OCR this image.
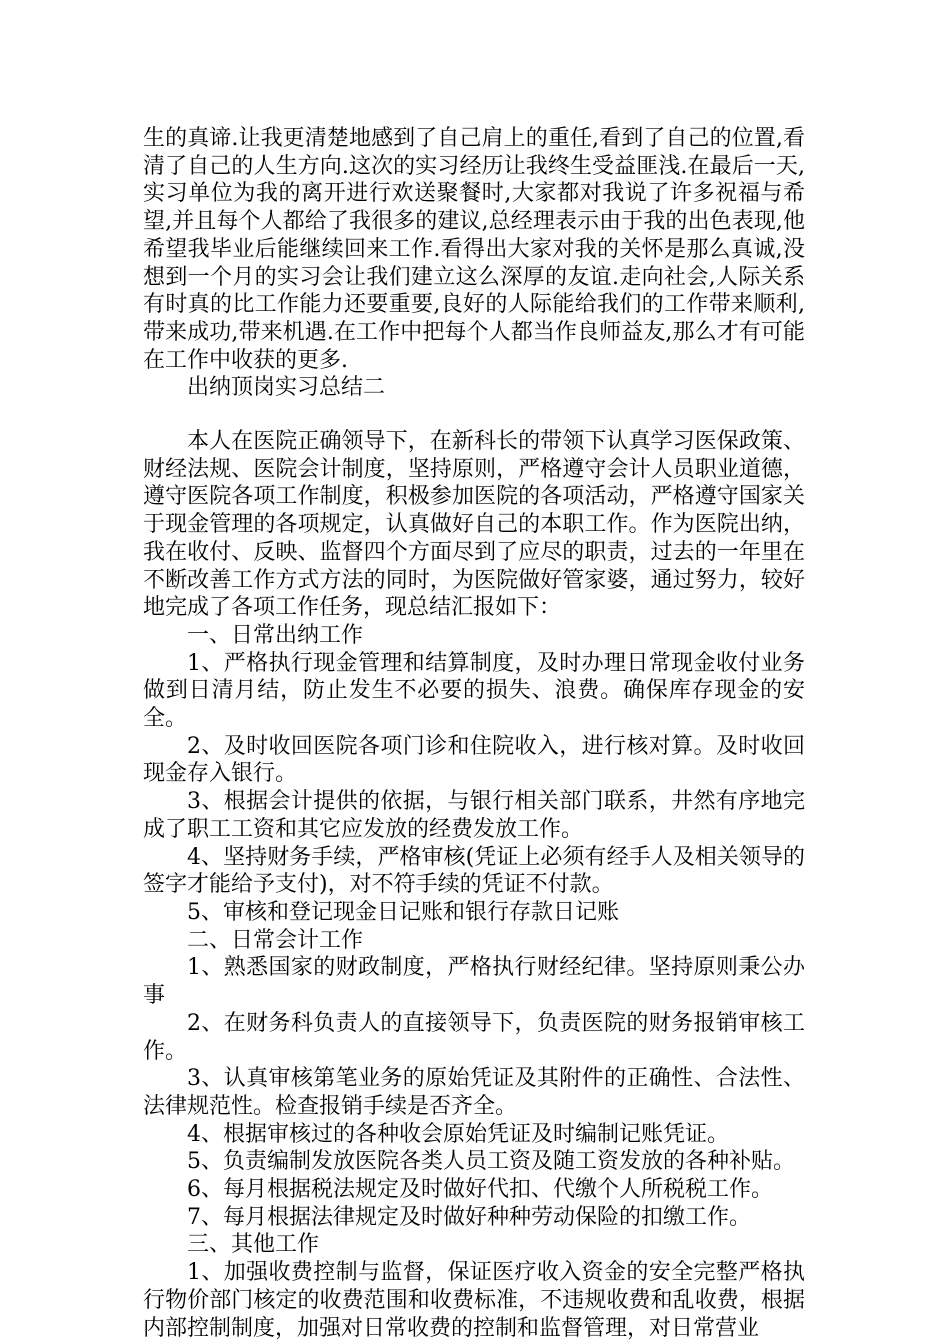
生的真谛.让我更清楚地感到了自己肩上的重任,看到了自己的位置,看清了自己的人生方向.这次的实习经历让我终生受益匪浅.在最后一天,实习单位为我的离开进行欢送聚餐时,大家都对我说了许多祝福与希望,并且每个人都给了我很多的建议,总经理表示由于我的出色表现,他希望我毕业后能继续回来工作.看得出大家对我的关怀是那么真诚,没想到一个月的实习会让我们建立这么深厚的友谊.走向社会,人际关系有时真的比工作能力还要重要,良好的人际能给我们的工作带来顺利,带来成功,带来机遇.在工作中把每个人都当作良师益友,那么才有可能在工作中收获的更多.

出纳顶岗实习总结二

本人在医院正确领导下，在新科长的带领下认真学习医保政策、财经法规、医院会计制度，坚持原则，严格遵守会计人员职业道德，遵守医院各项工作制度，积极参加医院的各项活动，严格遵守国家关于现金管理的各项规定，认真做好自己的本职工作。作为医院出纳，我在收付、反映、监督四个方面尽到了应尽的职责，过去的一年里在不断改善工作方式方法的同时，为医院做好管家婆，通过努力，较好地完成了各项工作任务，现总结汇报如下：

一、日常出纳工作

1、严格执行现金管理和结算制度，及时办理日常现金收付业务做到日清月结，防止发生不必要的损失、浪费。确保库存现金的安全。

2、及时收回医院各项门诊和住院收入，进行核对算。及时收回现金存入银行。

3、根据会计提供的依据，与银行相关部门联系，井然有序地完成了职工工资和其它应发放的经费发放工作。

4、坚持财务手续，严格审核(凭证上必须有经手人及相关领导的签字才能给予支付)，对不符手续的凭证不付款。

5、审核和登记现金日记账和银行存款日记账

二、日常会计工作

1、熟悉国家的财政制度，严格执行财经纪律。坚持原则秉公办事

2、在财务科负责人的直接领导下，负责医院的财务报销审核工作。

3、认真审核第笔业务的原始凭证及其附件的正确性、合法性、法律规范性。检查报销手续是否齐全。

4、根据审核过的各种收会原始凭证及时编制记账凭证。

5、负责编制发放医院各类人员工资及随工资发放的各种补贴。

6、每月根据税法规定及时做好代扣、代缴个人所税税工作。

7、每月根据法律规定及时做好种种劳动保险的扣缴工作。

三、其他工作

1、加强收费控制与监督，保证医疗收入资金的安全完整严格执行物价部门核定的收费范围和收费标准，不违规收费和乱收费，根据内部控制制度，加强对日常收费的控制和监督管理，对日常营业
